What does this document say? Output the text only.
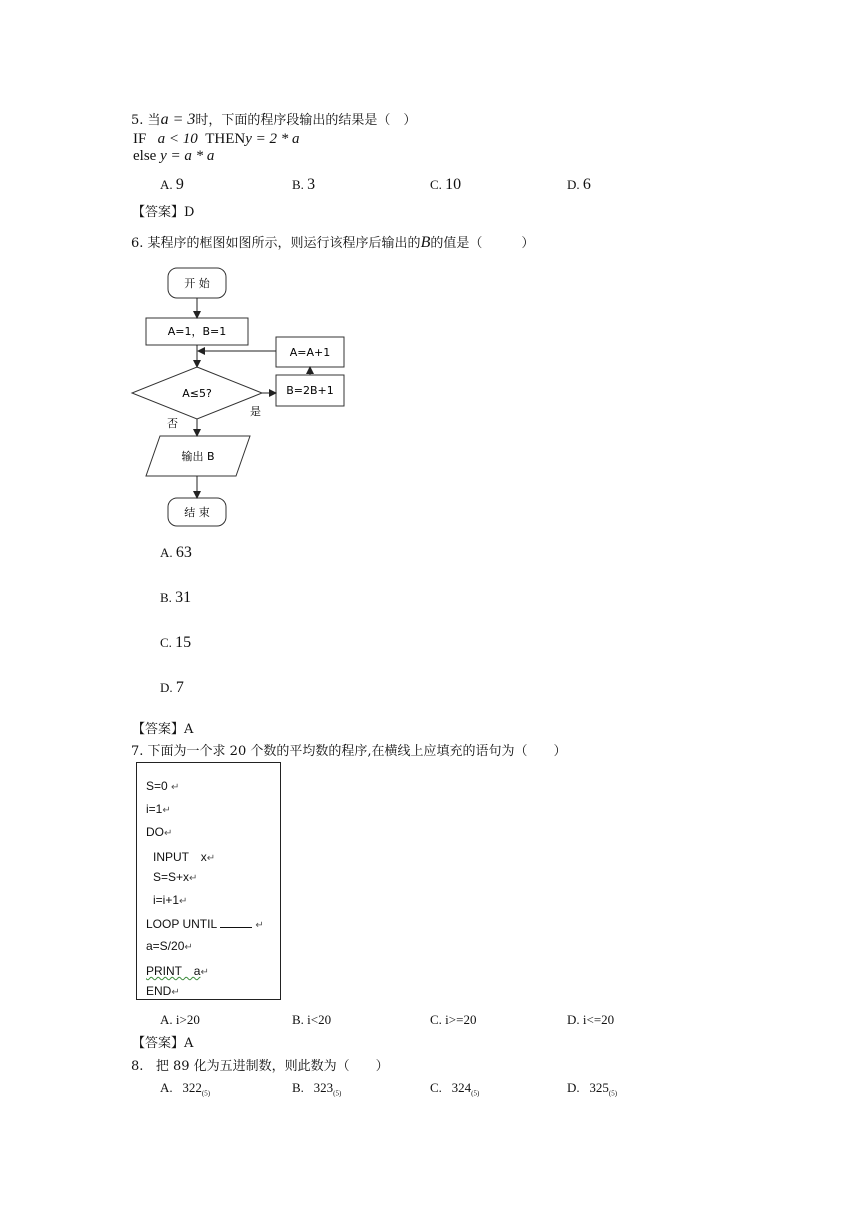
5. 当a = 3时，下面的程序段输出的结果是（　）
IF a < 10 THENy = 2 * a
else y = a * a
A. 9	B. 3	C. 10	D. 6
【答案】D
6. 某程序的框图如图所示，则运行该程序后输出的B的值是（　　　）
开 始
A=1，B=1
A≤5?	B=2B+1
A=A+1
输出 B
结 束
否
是
A. 63
B. 31
C. 15
D. 7
【答案】A
7. 下面为一个求 20 个数的平均数的程序,在横线上应填充的语句为（　　）
S=0 ↵
i=1↵
DO↵
INPUT　x↵
S=S+x↵
i=i+1↵
LOOP UNTIL	↵
a=S/20↵
PRINT　a↵
END↵
A. i>20	B. i<20	C. i>=20	D. i<=20
【答案】A
8. 把 89 化为五进制数，则此数为（　　）
A. $322_{(5)}$	B. $323_{(5)}$	C. $324_{(5)}$	D. $325_{(5)}$
